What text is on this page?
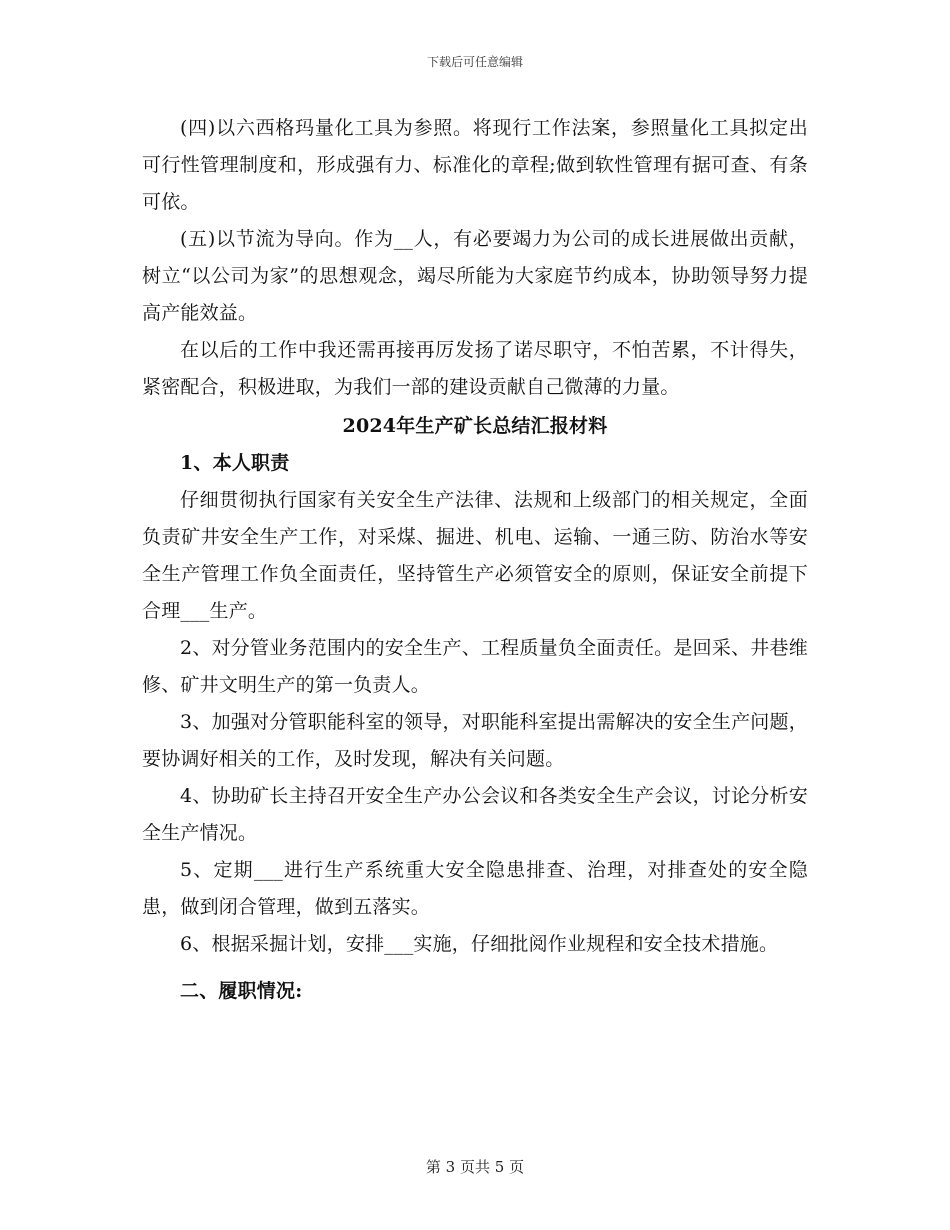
下载后可任意编辑

(四)以六西格玛量化工具为参照。将现行工作法案，参照量化工具拟定出可行性管理制度和，形成强有力、标准化的章程;做到软性管理有据可查、有条可依。

(五)以节流为导向。作为__人，有必要竭力为公司的成长进展做出贡献，树立“以公司为家”的思想观念，竭尽所能为大家庭节约成本，协助领导努力提高产能效益。

在以后的工作中我还需再接再厉发扬了诺尽职守，不怕苦累，不计得失，紧密配合，积极进取，为我们一部的建设贡献自己微薄的力量。

2024年生产矿长总结汇报材料

1、本人职责

仔细贯彻执行国家有关安全生产法律、法规和上级部门的相关规定，全面负责矿井安全生产工作，对采煤、掘进、机电、运输、一通三防、防治水等安全生产管理工作负全面责任，坚持管生产必须管安全的原则，保证安全前提下合理___生产。

2、对分管业务范围内的安全生产、工程质量负全面责任。是回采、井巷维修、矿井文明生产的第一负责人。

3、加强对分管职能科室的领导，对职能科室提出需解决的安全生产问题，要协调好相关的工作，及时发现，解决有关问题。

4、协助矿长主持召开安全生产办公会议和各类安全生产会议，讨论分析安全生产情况。

5、定期___进行生产系统重大安全隐患排查、治理，对排查处的安全隐患，做到闭合管理，做到五落实。

6、根据采掘计划，安排___实施，仔细批阅作业规程和安全技术措施。

二、履职情况:

第 3 页共 5 页
